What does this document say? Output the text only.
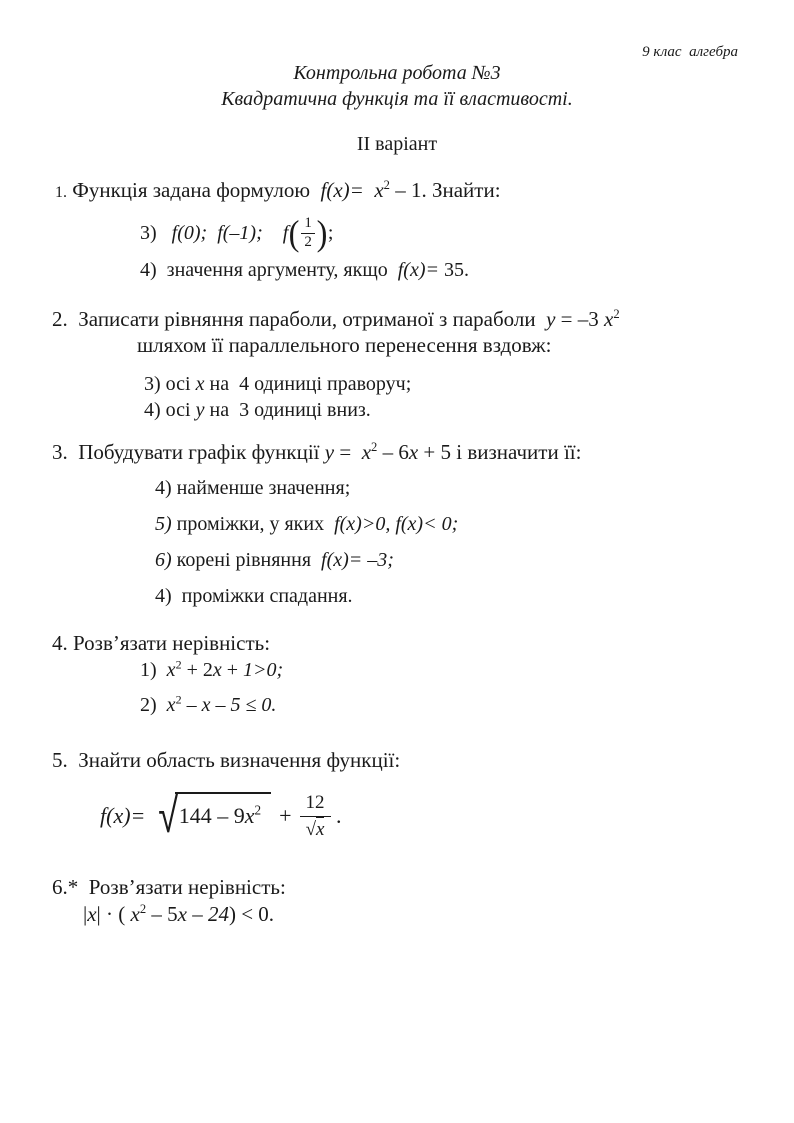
9 клас  алгебра
Контрольна робота №3
Квадратична функція та її властивості.
ІІ варіант
1. Функція задана формулою  $f(x)= x^2 - 1$. Знайти:
3) f(0);  f(–1);
f ( $\frac{1}{2}$ ) ;
4)  значення аргументу, якщо  f(x)= 35.
2.  Записати рівняння параболи, отриманої з параболи  y = –3 $x^2$
шляхом її параллельного перенесення вздовж:
3) осі x на  4 одиниці праворуч;
4) осі y на  3 одиниці вниз.
3.  Побудувати графік функції $y = x^2 - 6x + 5$ і визначити її:
4) найменше значення;
5) проміжки, у яких  f(x)>0, f(x)< 0;
6) корені рівняння  f(x)= –3;
4)  проміжки спадання.
4. Розв’язати нерівність:
1)  $x^2 + 2x + 1>0$;
2)  $x^2 - x - 5 \le 0$.
5.  Знайти область визначення функції:
f(x)= √ $144 - 9x^2 + \frac{12}{√x}$ .
6.*  Розв’язати нерівність:
|x| · ( $x^2 - 5x - 24) < 0$.
